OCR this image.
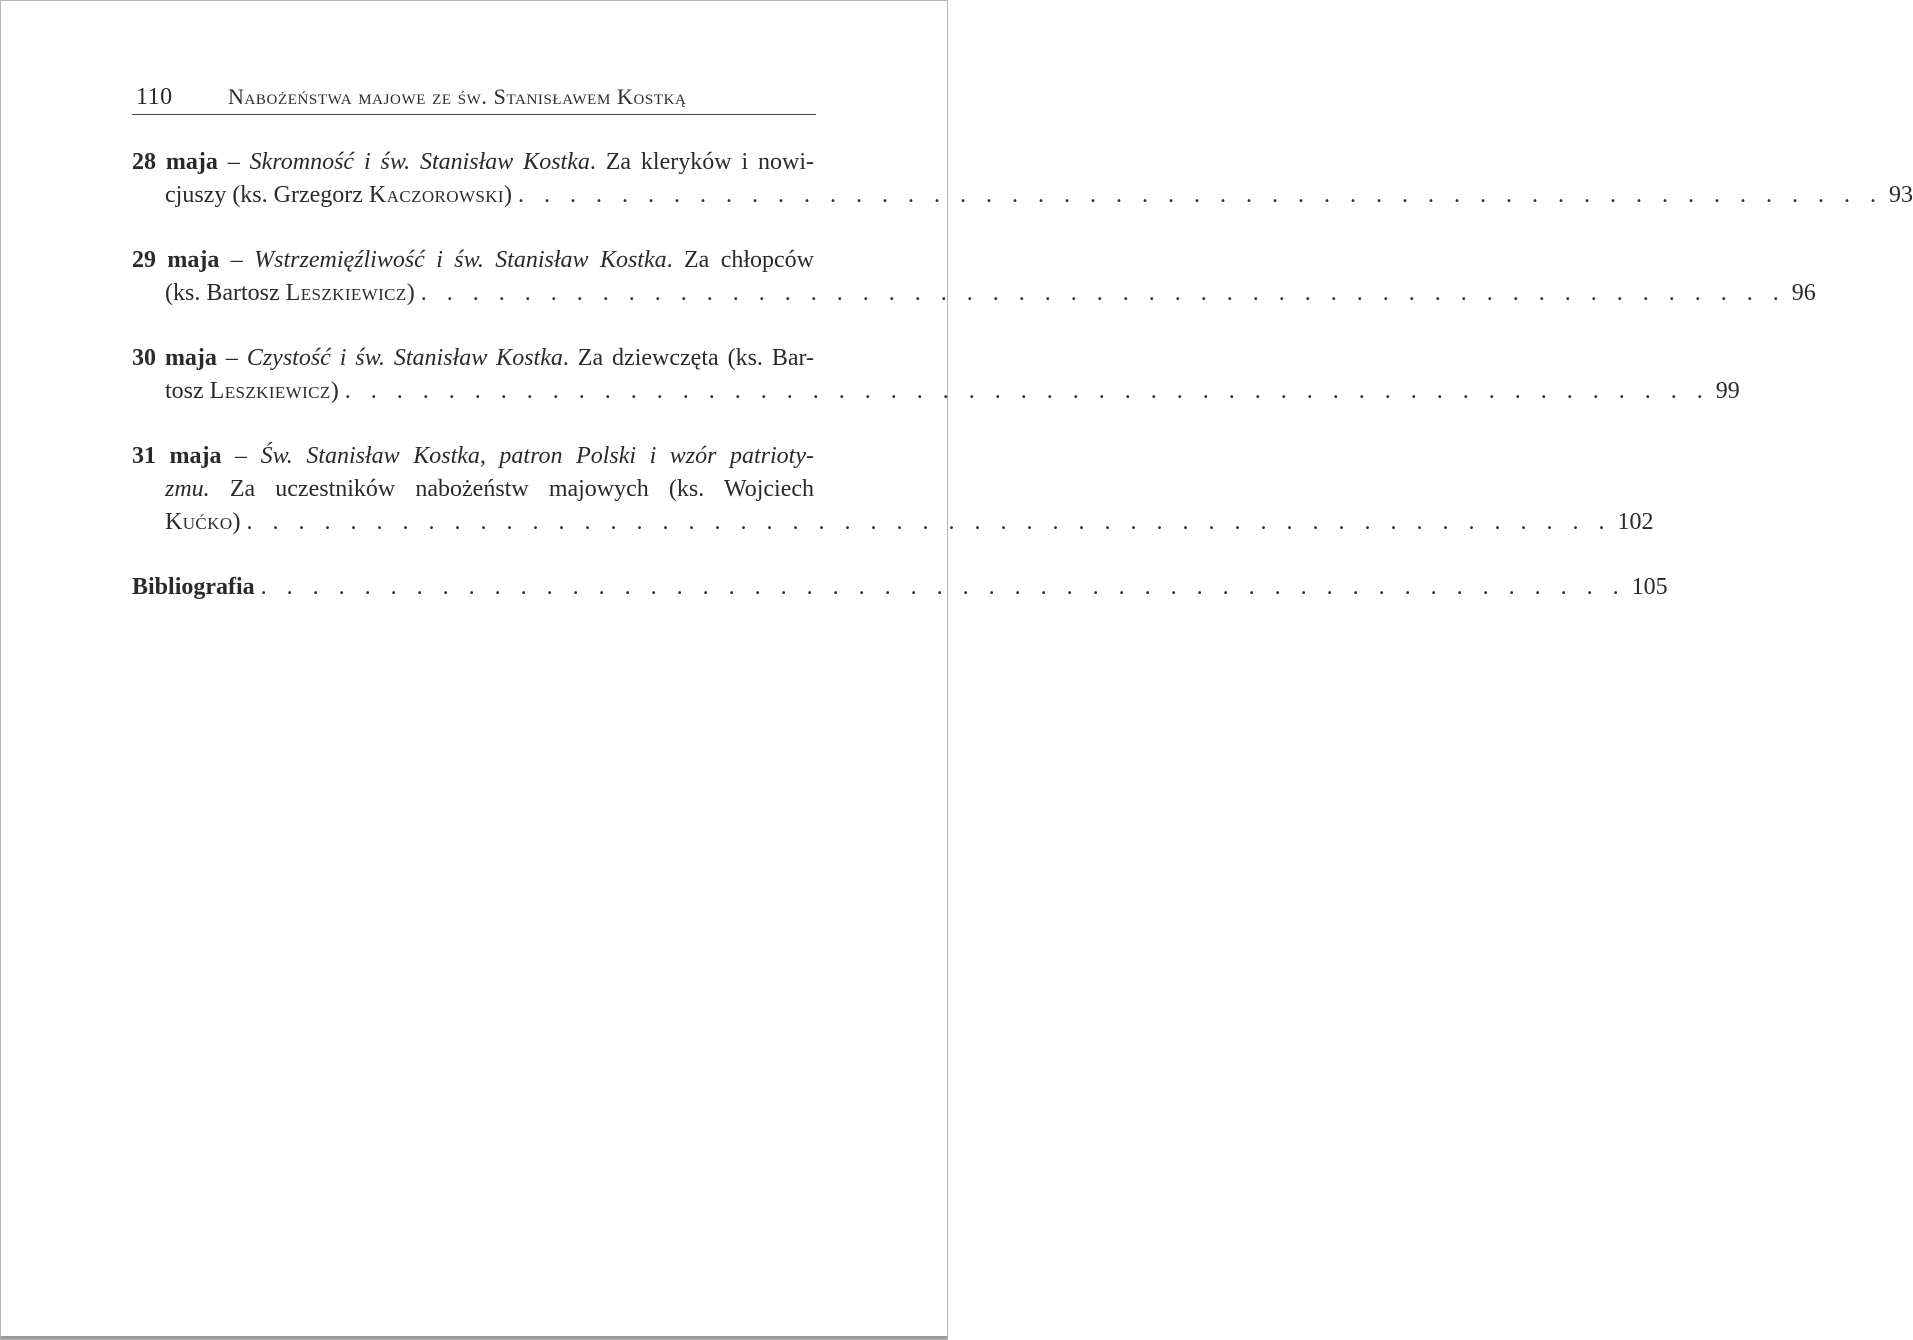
110	Nabożeństwa majowe ze św. Stanisławem Kostką
28 maja – Skromność i św. Stanisław Kostka. Za kleryków i nowi-
cjuszy (ks. Grzegorz Kaczorowski) . . . . . . . . . . . . . . . . . . . . . . . . . . . . . . . . . . . . . . . . . . . . . . . . . . . . . 93
29 maja – Wstrzemięźliwość i św. Stanisław Kostka. Za chłopców
(ks. Bartosz Leszkiewicz) . . . . . . . . . . . . . . . . . . . . . . . . . . . . . . . . . . . . . . . . . . . . . . . . . . . . . 96
30 maja – Czystość i św. Stanisław Kostka. Za dziewczęta (ks. Bar-
tosz Leszkiewicz) . . . . . . . . . . . . . . . . . . . . . . . . . . . . . . . . . . . . . . . . . . . . . . . . . . . . . 99
31 maja – Św. Stanisław Kostka, patron Polski i wzór patrioty-
zmu. Za uczestników nabożeństw majowych (ks. Wojciech
Kućko) . . . . . . . . . . . . . . . . . . . . . . . . . . . . . . . . . . . . . . . . . . . . . . . . . . . . . 102
Bibliografia . . . . . . . . . . . . . . . . . . . . . . . . . . . . . . . . . . . . . . . . . . . . . . . . . . . . . 105
